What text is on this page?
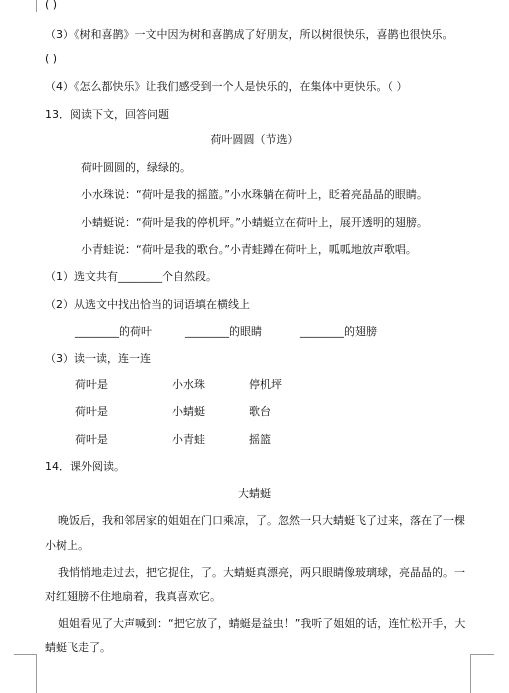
( )
（3）《树和喜鹊》一文中因为树和喜鹊成了好朋友，所以树很快乐，喜鹊也很快乐。
( )
（4）《怎么都快乐》让我们感受到一个人是快乐的，在集体中更快乐。（ ）
13．阅读下文，回答问题
荷叶圆圆（节选）
荷叶圆圆的，绿绿的。
小水珠说：“荷叶是我的摇篮。”小水珠躺在荷叶上，眨着亮晶晶的眼睛。
小蜻蜓说：“荷叶是我的停机坪。”小蜻蜓立在荷叶上，展开透明的翅膀。
小青蛙说：“荷叶是我的歌台。”小青蛙蹲在荷叶上，呱呱地放声歌唱。
（1）选文共有________个自然段。
（2）从选文中找出恰当的词语填在横线上
________的荷叶	________的眼睛	________的翅膀
（3）读一读，连一连
荷叶是	小水珠	停机坪
荷叶是	小蜻蜓	歌台
荷叶是	小青蛙	摇篮
14．课外阅读。
大蜻蜓
晚饭后，我和邻居家的姐姐在门口乘凉，了。忽然一只大蜻蜓飞了过来，落在了一棵
小树上。
我悄悄地走过去，把它捉住，了。大蜻蜓真漂亮，两只眼睛像玻璃球，亮晶晶的。一
对红翅膀不住地扇着，我真喜欢它。
姐姐看见了大声喊到：“把它放了，蜻蜓是益虫！”我听了姐姐的话，连忙松开手，大
蜻蜓飞走了。
